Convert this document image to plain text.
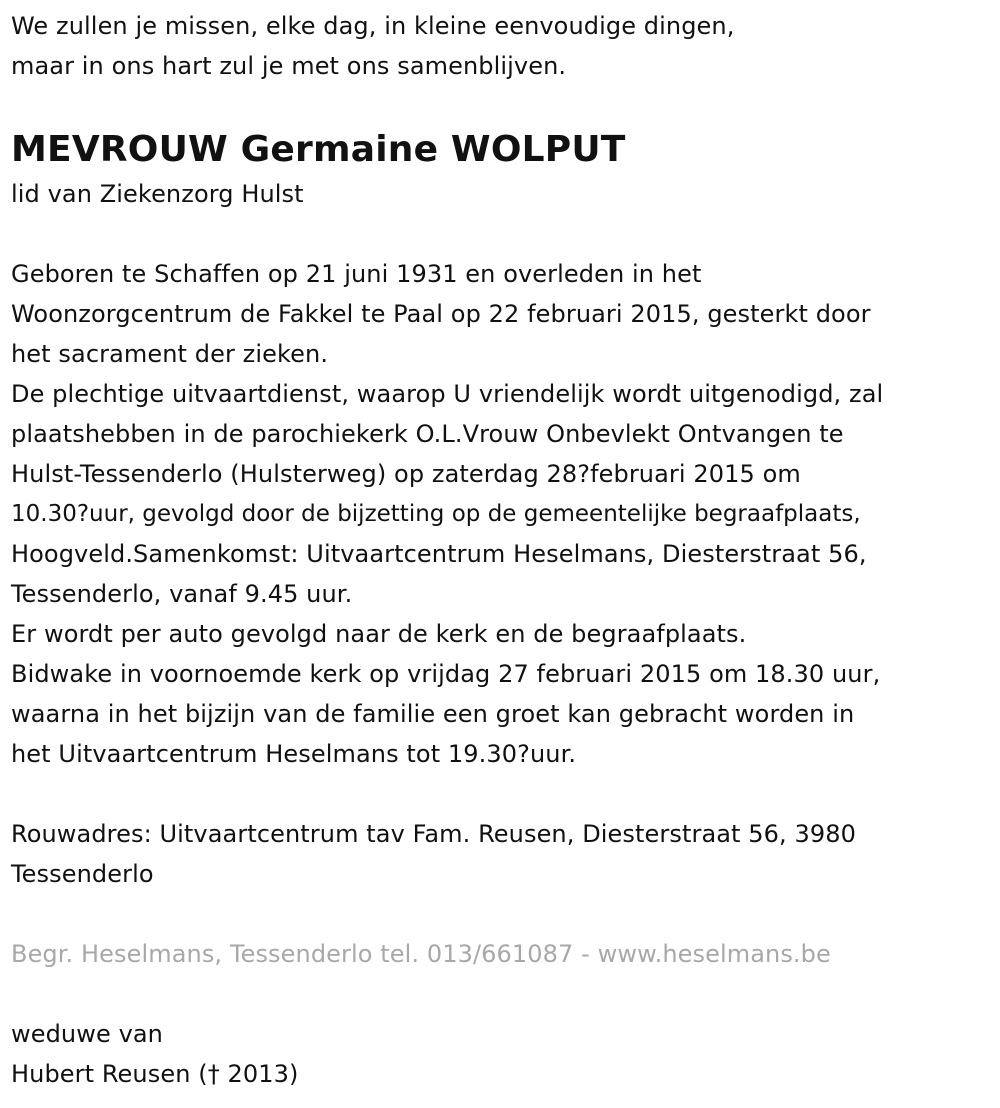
We zullen je missen, elke dag, in kleine eenvoudige dingen,
maar in ons hart zul je met ons samenblijven.
MEVROUW Germaine WOLPUT
lid van Ziekenzorg Hulst
Geboren te Schaffen op 21 juni 1931 en overleden in het
Woonzorgcentrum de Fakkel te Paal op 22 februari 2015, gesterkt door
het sacrament der zieken.
De plechtige uitvaartdienst, waarop U vriendelijk wordt uitgenodigd, zal
plaatshebben in de parochiekerk O.L.Vrouw Onbevlekt Ontvangen te
Hulst-Tessenderlo (Hulsterweg) op zaterdag 28?februari 2015 om
10.30?uur, gevolgd door de bijzetting op de gemeentelijke begraafplaats,
Hoogveld.Samenkomst: Uitvaartcentrum Heselmans, Diesterstraat 56,
Tessenderlo, vanaf 9.45 uur.
Er wordt per auto gevolgd naar de kerk en de begraafplaats.
Bidwake in voornoemde kerk op vrijdag 27 februari 2015 om 18.30 uur,
waarna in het bijzijn van de familie een groet kan gebracht worden in
het Uitvaartcentrum Heselmans tot 19.30?uur.
Rouwadres: Uitvaartcentrum tav Fam. Reusen, Diesterstraat 56, 3980
Tessenderlo
Begr. Heselmans, Tessenderlo tel. 013/661087 - www.heselmans.be
weduwe van
Hubert Reusen († 2013)
